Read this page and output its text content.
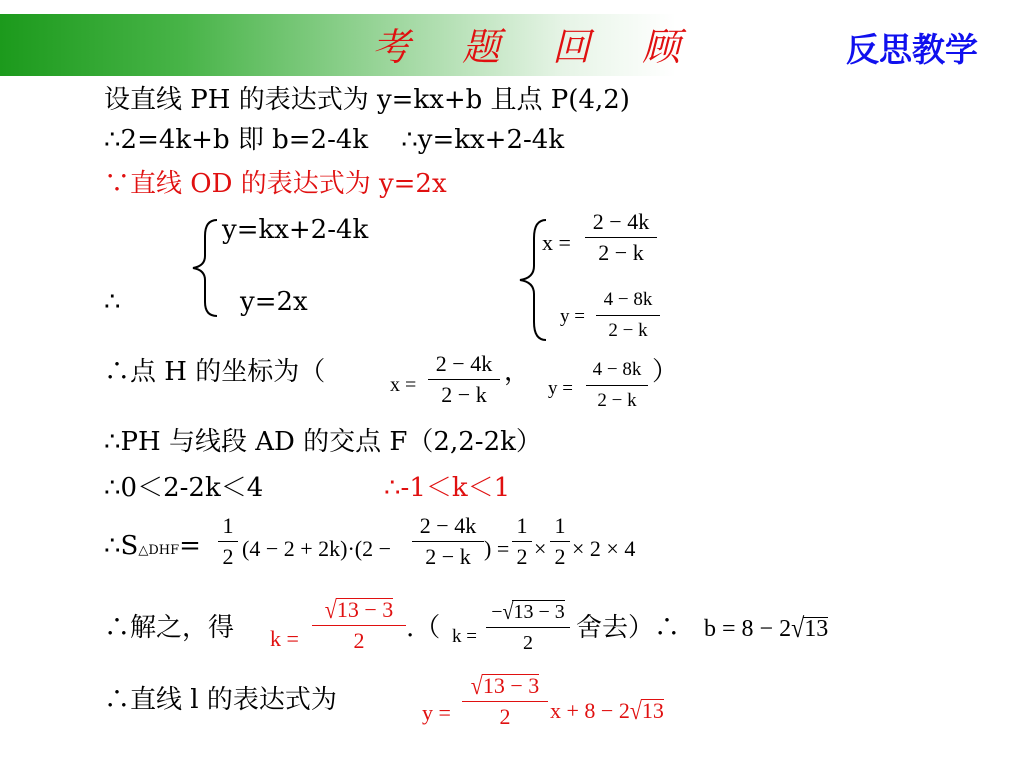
考 题 回 顾	反思教学
设直线 PH 的表达式为 y=kx+b 且点 P(4,2)
∴2=4k+b 即 b=2-4k    ∴y=kx+2-4k
∵直线 OD 的表达式为 y=2x
y=kx+2-4k
y=2x
∴
x =
2 − 4k
2 − k
y =
4 − 8k
2 − k
∴点 H 的坐标为（	x =
2 − 4k
2 − k
，
y =
4 − 8k
2 − k
）
∴PH 与线段 AD 的交点 F（2,2-2k）
∴0＜2-2k＜4	∴-1＜k＜1
∴S△DHF=
1
2 (4 − 2 + 2k)·(2 −
2 − 4k
2 − k ) =
1
2 ×
1
2 × 2 × 4
∴解之，得 k =
√13 − 3
2 .（ k =
−√13 − 3
2 舍去）∴ b = 8 − 2√13
∴直线 l 的表达式为	y =
√13 − 3
2 x + 8 − 2√13
